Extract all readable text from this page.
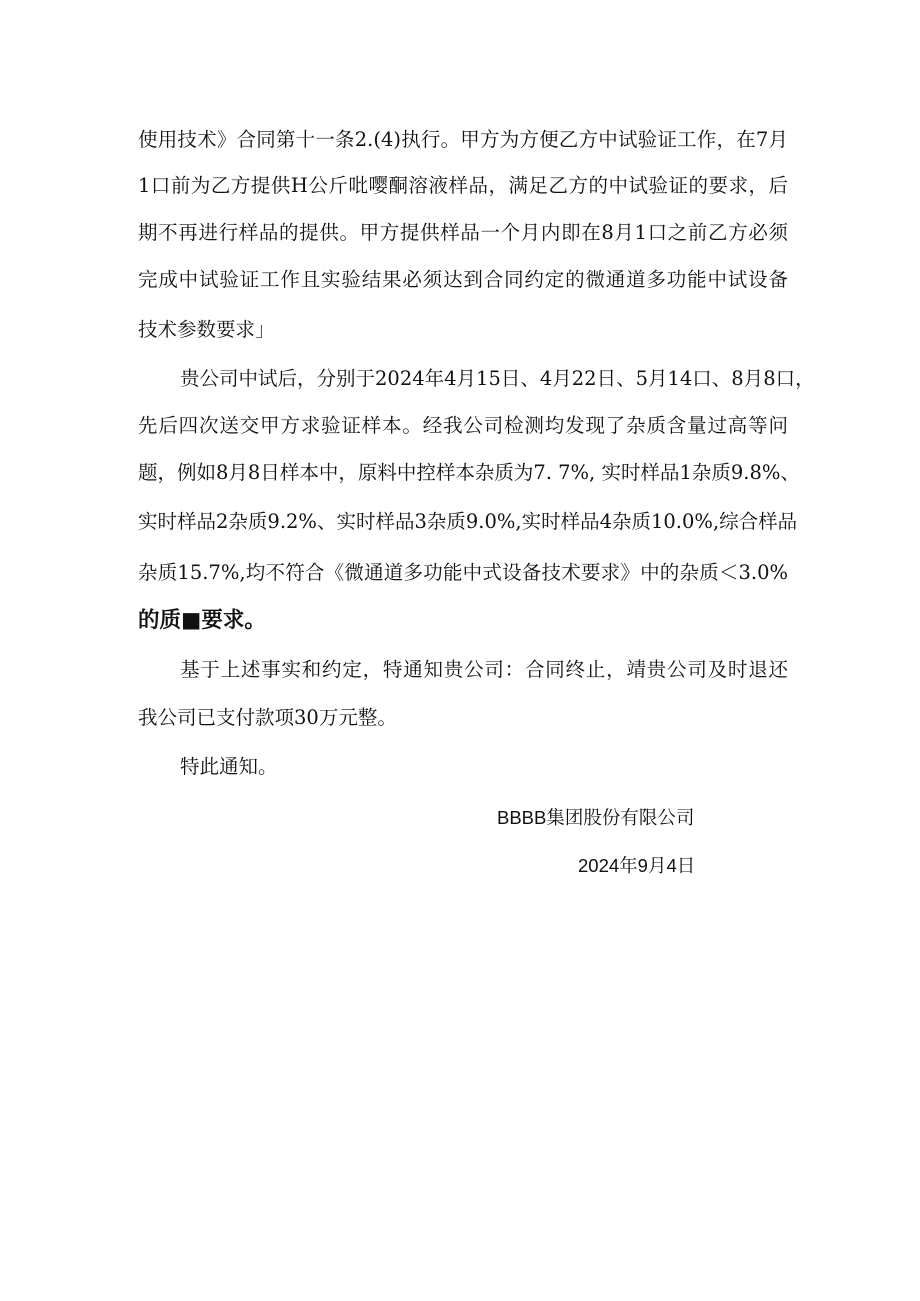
使用技术》合同第十一条2.(4)执行。甲方为方便乙方中试验证工作，在7月
1口前为乙方提供H公斤吡嘤酮溶液样品，满足乙方的中试验证的要求，后
期不再进行样品的提供。甲方提供样品一个月内即在8月1口之前乙方必须
完成中试验证工作且实验结果必须达到合同约定的微通道多功能中试设备
技术参数要求」
贵公司中试后，分别于2024年4月15日、4月22日、5月14口、8月8口，
先后四次送交甲方求验证样本。经我公司检测均发现了杂质含量过高等问
题，例如8月8日样本中，原料中控样本杂质为7. 7%, 实时样品1杂质9.8%、
实时样品2杂质9.2%、实时样品3杂质9.0%,实时样品4杂质10.0%,综合样品
杂质15.7%,均不符合《微通道多功能中式设备技术要求》中的杂质＜3.0%
的质■要求。
基于上述事实和约定，特通知贵公司：合同终止，靖贵公司及时退还
我公司已支付款项30万元整。
特此通知。
BBBB集团股份有限公司
2024年9月4日
